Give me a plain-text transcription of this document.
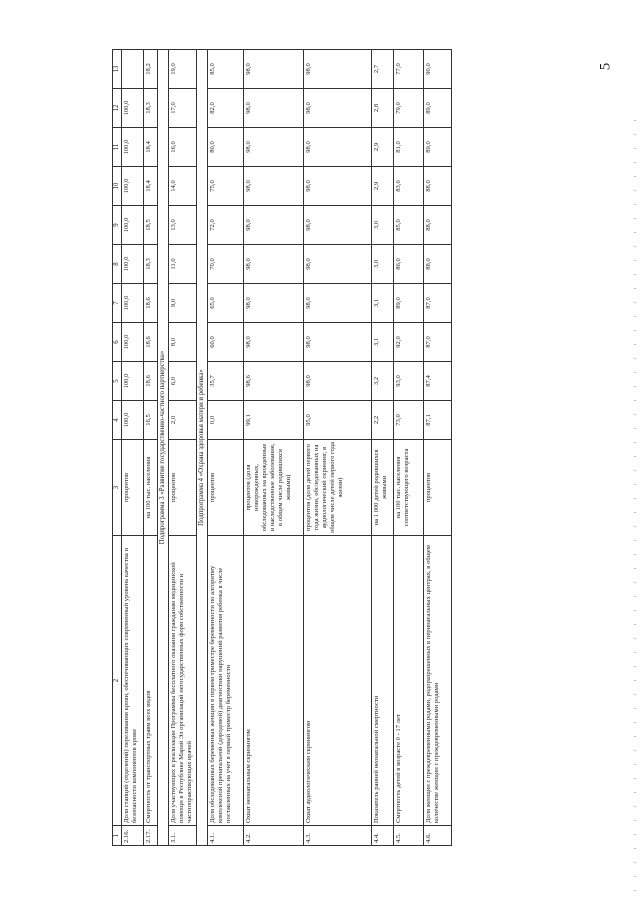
5
1	2	3	4	5	6	7	8	9	10	11	12	13
2.16.	Доля станций (отделений) переливания крови, обеспечивающих современный уровень качества и безопасности компонентов крови	процентов	100,0	100,0	100,0	100,0	100,0	100,0	100,0	100,0	100,0	
2.17.	Смертность от транспортных травм всех видов	на 100 тыс. населения	16,5	18,6	18,6	18,6	18,3	18,5	18,4	18,4	18,3	18,2
Подпрограмма 3 «Развитие государственно-частного партнерства»												
3.1.	Доля участвующих в реализации Программы бесплатного оказания гражданам медицинской помощи в Республике Марий Эл организаций негосударственных форм собственности и частнопрактикующих врачей	процентов	2,0	6,0	8,0	9,0	11,0	13,0	14,0	16,0	17,0	19,0
Подпрограмма 4 «Охрана здоровья матери и ребенка»												
4.1.	Доля обследованных беременных женщин в первом триместре беременности по алгоритму комплексной пренатальной (дородовой) диагностики нарушений развития ребенка в числе поставленных на учет в первый триместр беременности	процентов	0,0	35,7	60,0	65,0	70,0	72,0	75,0	80,0	82,0	85,0
4.2.	Охват неонатальным скринингом	процентов (доля новорожденных, обследованных на врожденные и наследственные заболевания, в общем числе родившихся живыми)	99,1	98,6	98,0	98,0	98,0	98,0	98,0	98,0	98,0	98,0
4.3.	Охват аудиологическим скринингом	процентов (доля детей первого года жизни, обследованных на аудиологический скрининг, в общем числе детей первого года жизни)	95,0	98,0	98,0	98,0	98,0	98,0	98,0	98,0	98,0	98,0
4.4.	Показатель ранней неонатальной смертности	на 1 000 детей родившихся живыми	2,2	3,2	3,1	3,1	3,0	3,0	2,9	2,9	2,8	2,7
4.5.	Смертность детей в возрасте 0 - 17 лет	на 100 тыс. населения соответствующего возраста	73,0	93,0	92,0	89,0	86,0	85,0	83,0	81,0	79,0	77,0
4.6.	Доля женщин с преждевременными родами, родоразрешенных в перинатальных центрах, в общем количестве женщин с преждевременными родами	процентов	87,1	87,4	87,0	87,0	88,0	88,0	88,0	89,0	89,0	90,0
